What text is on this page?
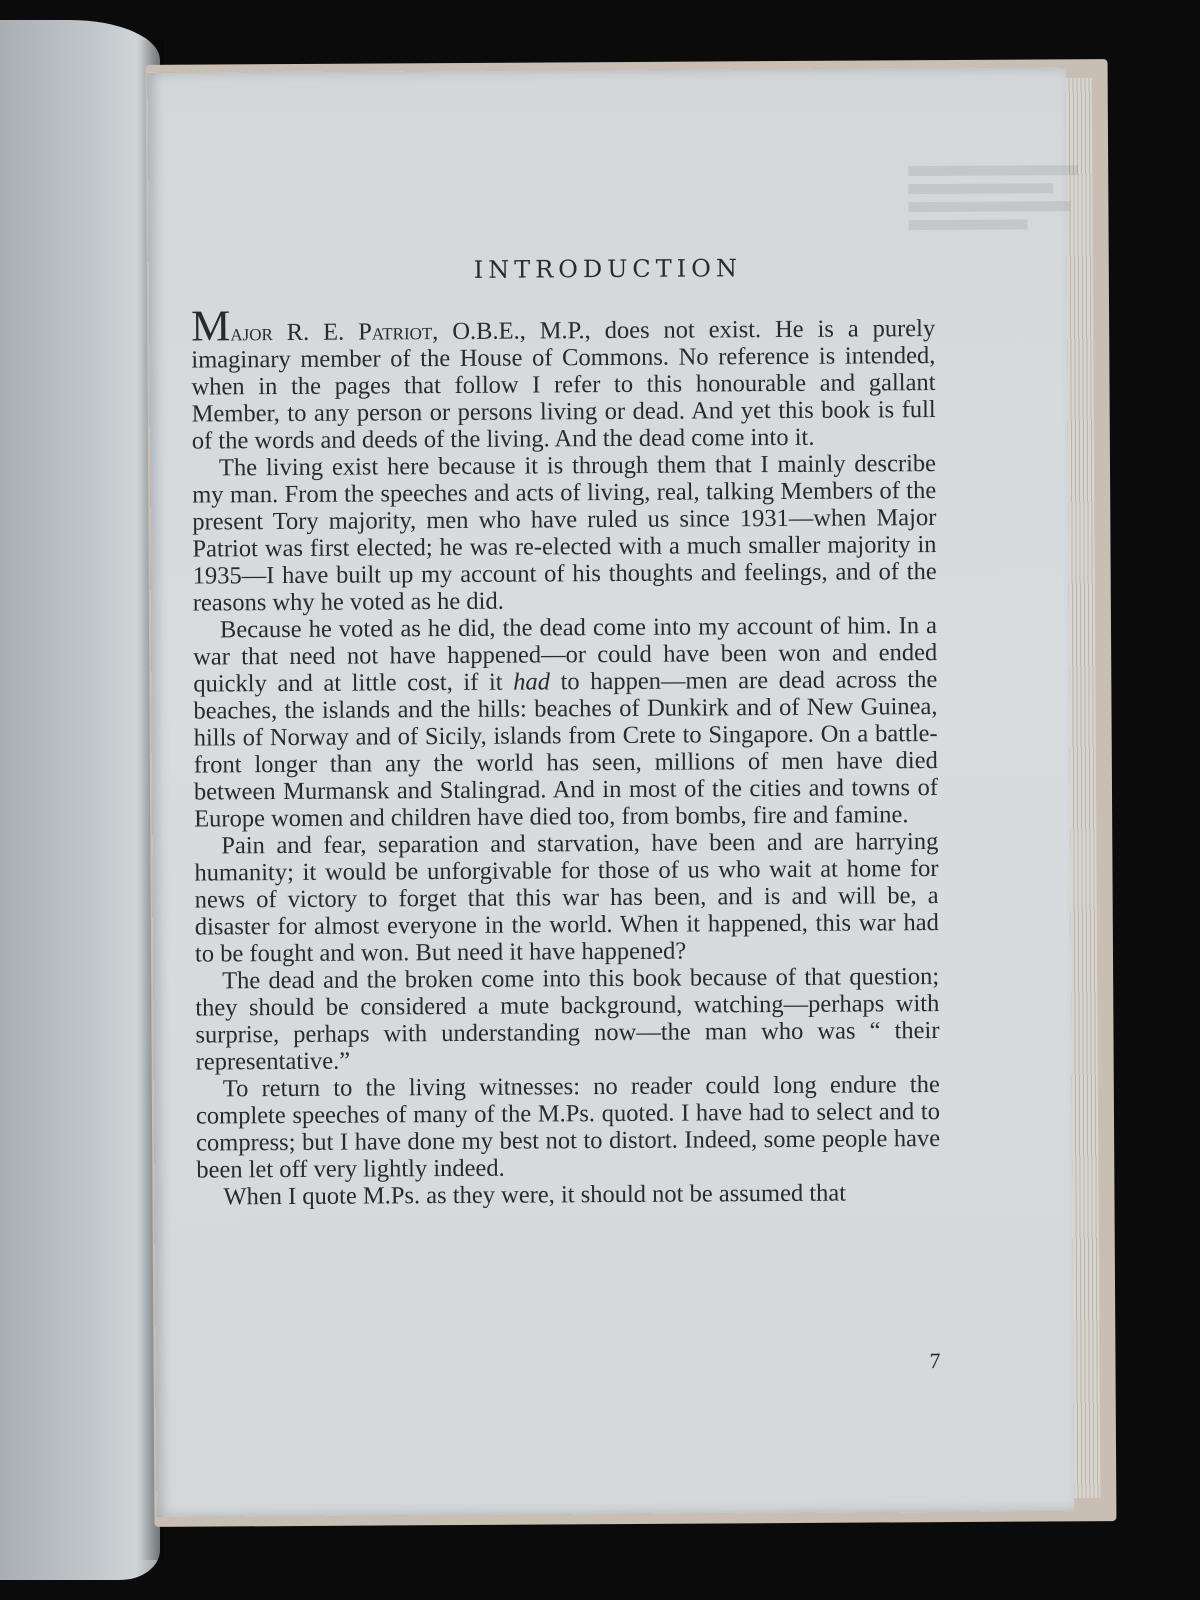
INTRODUCTION

Major R. E. Patriot, O.B.E., M.P., does not exist. He is a purely imaginary member of the House of Commons. No reference is intended, when in the pages that follow I refer to this honourable and gallant Member, to any person or persons living or dead. And yet this book is full of the words and deeds of the living. And the dead come into it.

The living exist here because it is through them that I mainly describe my man. From the speeches and acts of living, real, talking Members of the present Tory majority, men who have ruled us since 1931—when Major Patriot was first elected; he was re-elected with a much smaller majority in 1935—I have built up my account of his thoughts and feelings, and of the reasons why he voted as he did.

Because he voted as he did, the dead come into my account of him. In a war that need not have happened—or could have been won and ended quickly and at little cost, if it had to happen—men are dead across the beaches, the islands and the hills: beaches of Dunkirk and of New Guinea, hills of Norway and of Sicily, islands from Crete to Singapore. On a battle-front longer than any the world has seen, millions of men have died between Murmansk and Stalingrad. And in most of the cities and towns of Europe women and children have died too, from bombs, fire and famine.

Pain and fear, separation and starvation, have been and are harrying humanity; it would be unforgivable for those of us who wait at home for news of victory to forget that this war has been, and is and will be, a disaster for almost everyone in the world. When it happened, this war had to be fought and won. But need it have happened?

The dead and the broken come into this book because of that question; they should be considered a mute background, watching—perhaps with surprise, perhaps with understanding now—the man who was “ their representative.”

To return to the living witnesses: no reader could long endure the complete speeches of many of the M.Ps. quoted. I have had to select and to compress; but I have done my best not to distort. Indeed, some people have been let off very lightly indeed.

When I quote M.Ps. as they were, it should not be assumed that

7
